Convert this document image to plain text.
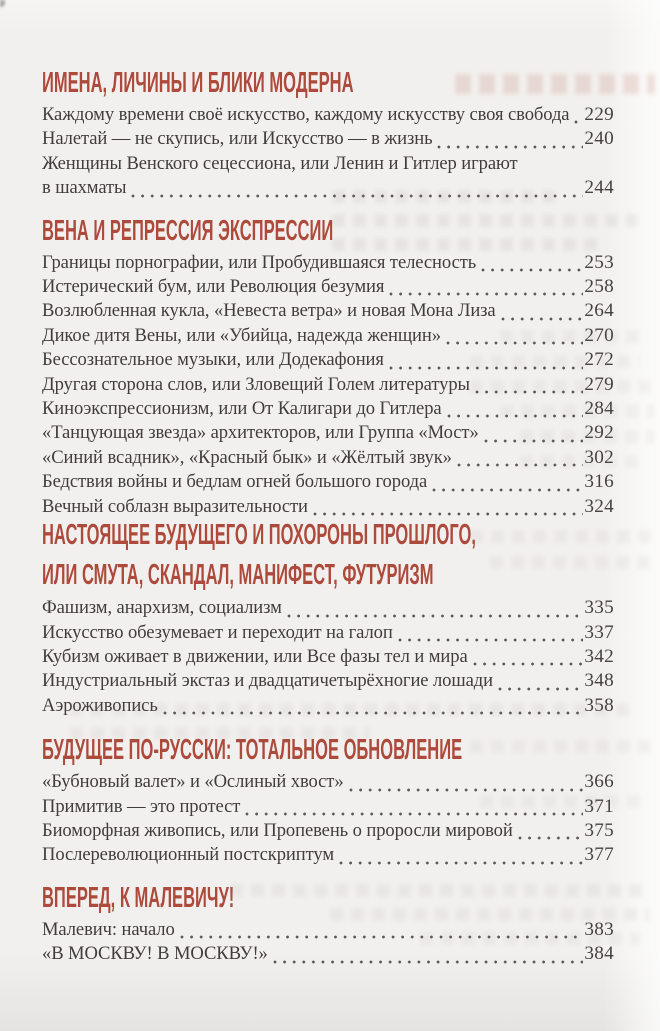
ИМЕНА, ЛИЧИНЫ И БЛИКИ МОДЕРНА
Каждому времени своё искусство, каждому искусству своя свобода 229
Налетай — не скупись, или Искусство — в жизнь	240
Женщины Венского сецессиона, или Ленин и Гитлер играют
в шахматы	244
ВЕНА И РЕПРЕССИЯ ЭКСПРЕССИИ
Границы порнографии, или Пробудившаяся телесность	253
Истерический бум, или Революция безумия	258
Возлюбленная кукла, «Невеста ветра» и новая Мона Лиза	264
Дикое дитя Вены, или «Убийца, надежда женщин»	270
Бессознательное музыки, или Додекафония	272
Другая сторона слов, или Зловещий Голем литературы	279
Киноэкспрессионизм, или От Калигари до Гитлера	284
«Танцующая звезда» архитекторов, или Группа «Мост»	292
«Синий всадник», «Красный бык» и «Жёлтый звук»	302
Бедствия войны и бедлам огней большого города	316
Вечный соблазн выразительности	324
НАСТОЯЩЕЕ БУДУЩЕГО И ПОХОРОНЫ ПРОШЛОГО,
ИЛИ СМУТА, СКАНДАЛ, МАНИФЕСТ, ФУТУРИЗМ
Фашизм, анархизм, социализм	335
Искусство обезумевает и переходит на галоп	337
Кубизм оживает в движении, или Все фазы тел и мира	342
Индустриальный экстаз и двадцатичетырёхногие лошади	348
Аэроживопись	358
БУДУЩЕЕ ПО-РУССКИ: ТОТАЛЬНОЕ ОБНОВЛЕНИЕ
«Бубновый валет» и «Ослиный хвост»	366
Примитив — это протест	371
Биоморфная живопись, или Пропевень о проросли мировой	375
Послереволюционный постскриптум	377
ВПЕРЕД, К МАЛЕВИЧУ!
Малевич: начало	383
«В МОСКВУ! В МОСКВУ!»	384
